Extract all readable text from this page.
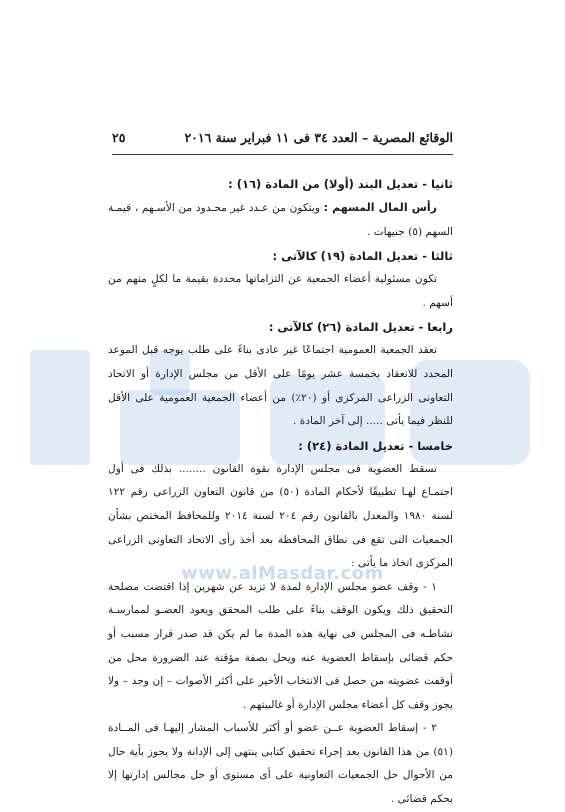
www.alMasdar.com
الوقائع المصرية – العدد ٣٤ فى ١١ فبراير سنة ٢٠١٦
٢٥

ثانيا - تعديل البند (أولا) من المادة (١٦) :

رأس المال المسهم : ويتكون من عـدد غير محـدود من الأسـهم ، قيمـة السهم (٥) جنيهات .

ثالثا - تعديل المادة (١٩) كالآتى :

تكون مسئولية أعضاء الجمعية عن التزاماتها محددة بقيمة ما لكلٍ منهم من أسهم .

رابعا - تعديل المادة (٢٦) كالآتى :

تعقد الجمعية العمومية اجتماعًا غير عادى بناءً على طلب يوجه قبل الموعد المحدد للانعقاد بخمسة عشر يومًا على الأقل من مجلس الإدارة أو الاتحاد التعاونى الزراعى المركزى أو (٢٠٪) من أعضاء الجمعية العمومية على الأقل للنظر فيما يأتى ..... إلى آخر المادة .

خامسا - تعديل المادة (٢٤) :

تسقط العضوية فى مجلس الإدارة بقوة القانون ........ بذلك فى أول اجتمـاع لهـا تطبيقًا لأحكام المادة (٥٠) من قانون التعاون الزراعى رقم ١٢٢ لسنة ١٩٨٠ والمعدل بالقانون رقم ٢٠٤ لسنة ٢٠١٤ وللمحافظ المختص بشأن الجمعيات التى تقع فى نطاق المحافظة بعد أخذ رأى الاتحاد التعاونى الزراعى المركزى اتخاذ ما يأتى :

١ - وقف عضو مجلس الإدارة لمدة لا تزيد عن شهرين إذا اقتضت مصلحة التحقيق ذلك ويكون الوقف بناءً على طلب المحقق ويعود العضـو لممارسـة نشاطـه فى المجلس فى نهاية هذه المدة ما لم يكن قد صدر قرار مسبب أو حكم قضائى بإسقاط العضوية عنه ويحل بصفة مؤقتة عند الضرورة محل من أوقفت عضويته من حصل فى الانتخاب الأخير على أكثر الأصوات – إن وجد – ولا يجوز وقف كل أعضاء مجلس الإدارة أو غالبيتهم .

٢ - إسقاط العضوية عــن عضو أو أكثر للأسباب المشار إليهـا فى المــادة (٥١) من هذا القانون بعد إجراء تحقيق كتابى ينتهى إلى الإدانة ولا يجوز بأية حال من الأحوال حل الجمعيات التعاونية على أى مستوى أو حل مجالس إدارتها إلا بحكم قضائى .
